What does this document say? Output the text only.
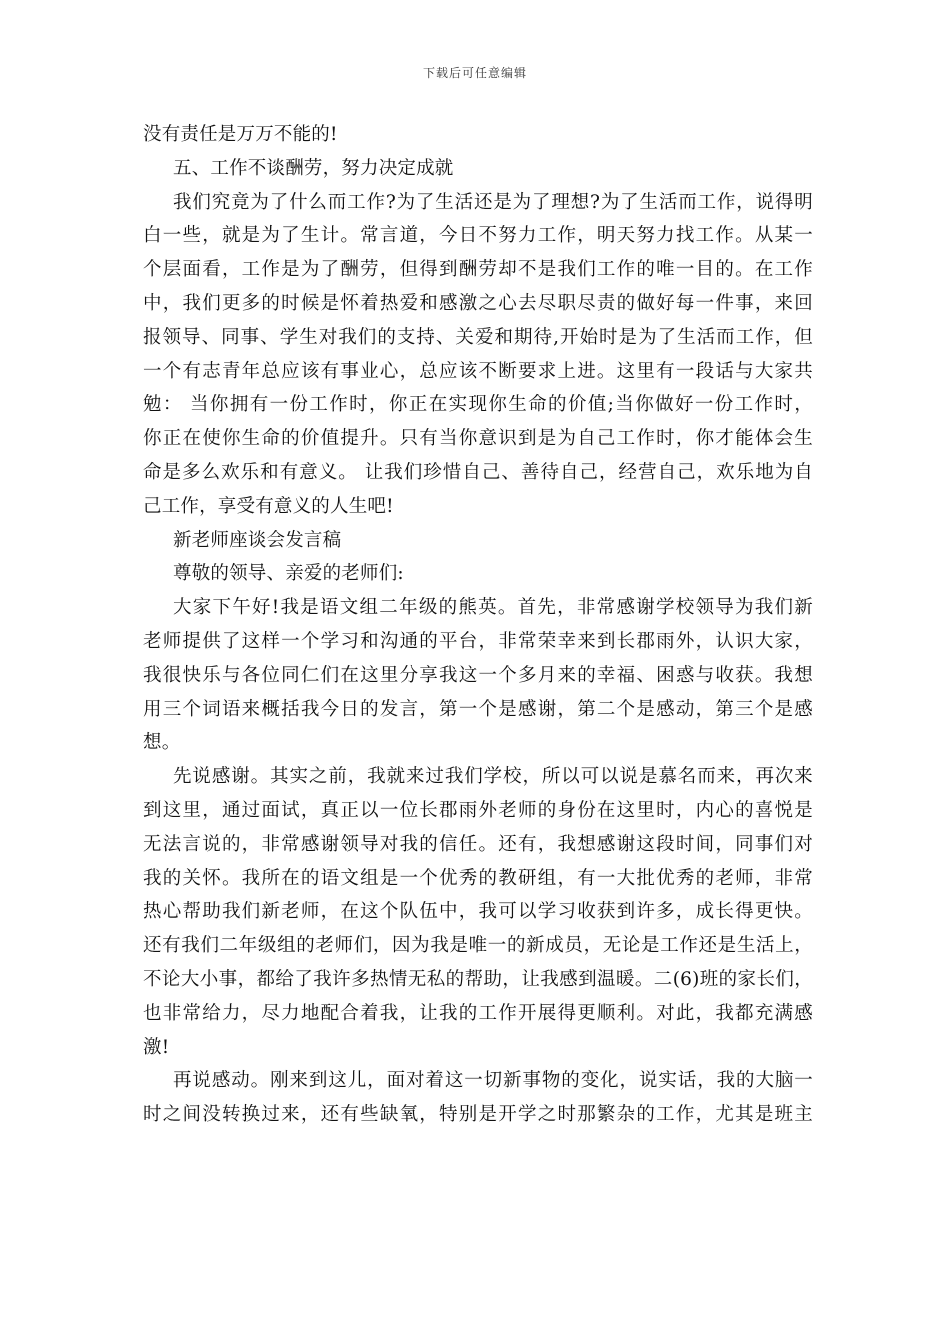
下载后可任意编辑
没有责任是万万不能的!
五、工作不谈酬劳，努力决定成就
我们究竟为了什么而工作?为了生活还是为了理想?为了生活而工作，说得明
白一些，就是为了生计。常言道，今日不努力工作，明天努力找工作。从某一
个层面看，工作是为了酬劳，但得到酬劳却不是我们工作的唯一目的。在工作
中，我们更多的时候是怀着热爱和感激之心去尽职尽责的做好每一件事，来回
报领导、同事、学生对我们的支持、关爱和期待,开始时是为了生活而工作，但
一个有志青年总应该有事业心，总应该不断要求上进。这里有一段话与大家共
勉： 当你拥有一份工作时，你正在实现你生命的价值;当你做好一份工作时，
你正在使你生命的价值提升。只有当你意识到是为自己工作时，你才能体会生
命是多么欢乐和有意义。 让我们珍惜自己、善待自己，经营自己，欢乐地为自
己工作，享受有意义的人生吧!
新老师座谈会发言稿
尊敬的领导、亲爱的老师们:
大家下午好!我是语文组二年级的熊英。首先，非常感谢学校领导为我们新
老师提供了这样一个学习和沟通的平台，非常荣幸来到长郡雨外，认识大家，
我很快乐与各位同仁们在这里分享我这一个多月来的幸福、困惑与收获。我想
用三个词语来概括我今日的发言，第一个是感谢，第二个是感动，第三个是感
想。
先说感谢。其实之前，我就来过我们学校，所以可以说是慕名而来，再次来
到这里，通过面试，真正以一位长郡雨外老师的身份在这里时，内心的喜悦是
无法言说的，非常感谢领导对我的信任。还有，我想感谢这段时间，同事们对
我的关怀。我所在的语文组是一个优秀的教研组，有一大批优秀的老师，非常
热心帮助我们新老师，在这个队伍中，我可以学习收获到许多，成长得更快。
还有我们二年级组的老师们，因为我是唯一的新成员，无论是工作还是生活上，
不论大小事，都给了我许多热情无私的帮助，让我感到温暖。二(6)班的家长们，
也非常给力，尽力地配合着我，让我的工作开展得更顺利。对此，我都充满感
激!
再说感动。刚来到这儿，面对着这一切新事物的变化，说实话，我的大脑一
时之间没转换过来，还有些缺氧，特别是开学之时那繁杂的工作，尤其是班主
